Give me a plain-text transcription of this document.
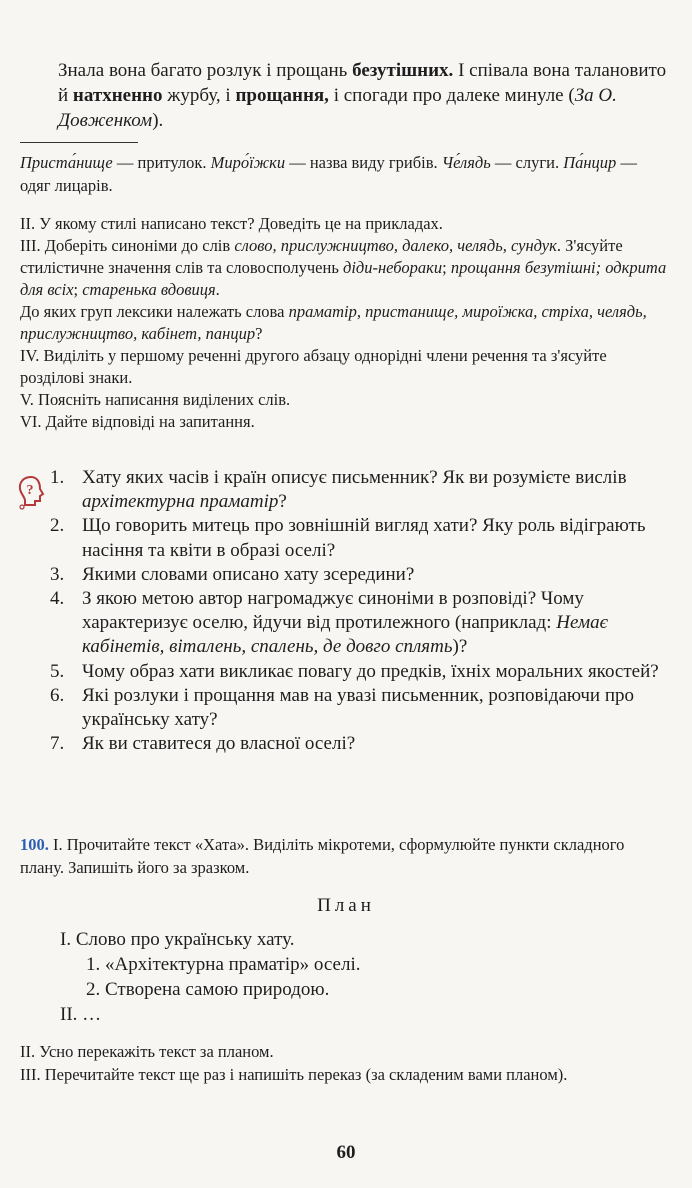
Знала вона багато розлук і прощань безутішних. І співала вона талановито й натхненно журбу, і прощання, і спогади про далеке минуле (За О. Довженком).
Приста́нище — притулок. Миро́їжки — назва виду грибів. Че́лядь — слуги. Па́нцир — одяг лицарів.

II. У якому стилі написано текст? Доведіть це на прикладах.

III. Доберіть синоніми до слів слово, прислужництво, далеко, челядь, сундук. З'ясуйте стилістичне значення слів та словосполучень діди-небораки; прощання безутішні; одкрита для всіх; старенька вдовиця.

До яких груп лексики належать слова праматір, пристанище, мироїжка, стріха, челядь, прислужництво, кабінет, панцир?

IV. Виділіть у першому реченні другого абзацу однорідні члени речення та з'ясуйте розділові знаки.

V. Поясніть написання виділених слів.

VI. Дайте відповіді на запитання.

?

1. Хату яких часів і країн описує письменник? Як ви розумієте вислів архітектурна праматір?

2. Що говорить митець про зовнішній вигляд хати? Яку роль відіграють насіння та квіти в образі оселі?

3. Якими словами описано хату зсередини?

4. З якою метою автор нагромаджує синоніми в розповіді? Чому характеризує оселю, йдучи від протилежного (наприклад: Немає кабінетів, віталень, спалень, де довго сплять)?

5. Чому образ хати викликає повагу до предків, їхніх моральних якостей?

6. Які розлуки і прощання мав на увазі письменник, розповідаючи про українську хату?

7. Як ви ставитеся до власної оселі?

100. I. Прочитайте текст «Хата». Виділіть мікротеми, сформулюйте пункти складного плану. Запишіть його за зразком.
План
I. Слово про українську хату.
1. «Архітектурна праматір» оселі.
2. Створена самою природою.
II. …

II. Усно перекажіть текст за планом.

III. Перечитайте текст ще раз і напишіть переказ (за складеним вами планом).

60
